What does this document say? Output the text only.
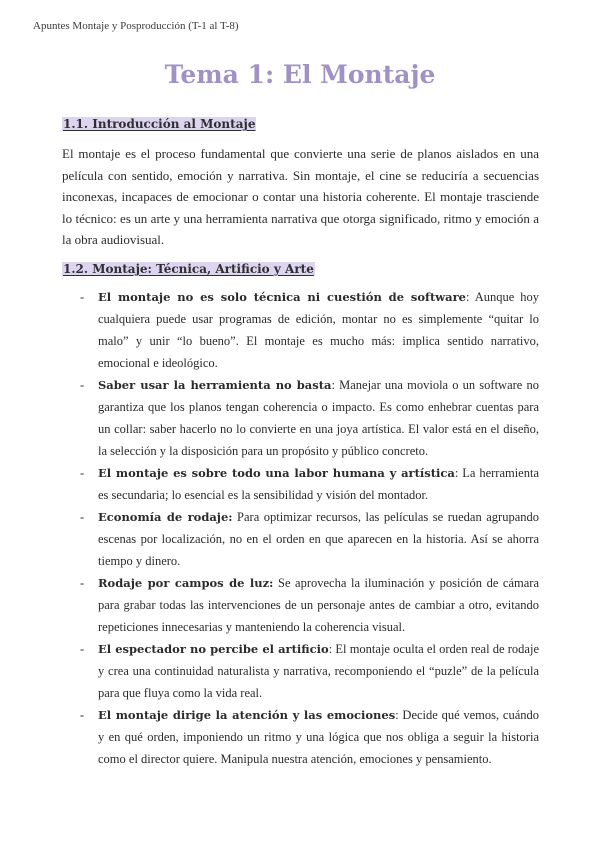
Apuntes Montaje y Posproducción (T-1 al T-8)
Tema 1: El Montaje
1.1. Introducción al Montaje

El montaje es el proceso fundamental que convierte una serie de planos aislados en una película con sentido, emoción y narrativa. Sin montaje, el cine se reduciría a secuencias inconexas, incapaces de emocionar o contar una historia coherente. El montaje trasciende lo técnico: es un arte y una herramienta narrativa que otorga significado, ritmo y emoción a la obra audiovisual.

1.2. Montaje: Técnica, Artificio y Arte
- El montaje no es solo técnica ni cuestión de software: Aunque hoy cualquiera puede usar programas de edición, montar no es simplemente “quitar lo malo” y unir “lo bueno”. El montaje es mucho más: implica sentido narrativo, emocional e ideológico.
- Saber usar la herramienta no basta: Manejar una moviola o un software no garantiza que los planos tengan coherencia o impacto. Es como enhebrar cuentas para un collar: saber hacerlo no lo convierte en una joya artística. El valor está en el diseño, la selección y la disposición para un propósito y público concreto.
- El montaje es sobre todo una labor humana y artística: La herramienta es secundaria; lo esencial es la sensibilidad y visión del montador.
- Economía de rodaje: Para optimizar recursos, las películas se ruedan agrupando escenas por localización, no en el orden en que aparecen en la historia. Así se ahorra tiempo y dinero.
- Rodaje por campos de luz: Se aprovecha la iluminación y posición de cámara para grabar todas las intervenciones de un personaje antes de cambiar a otro, evitando repeticiones innecesarias y manteniendo la coherencia visual.
- El espectador no percibe el artificio: El montaje oculta el orden real de rodaje y crea una continuidad naturalista y narrativa, recomponiendo el “puzle” de la película para que fluya como la vida real.
- El montaje dirige la atención y las emociones: Decide qué vemos, cuándo y en qué orden, imponiendo un ritmo y una lógica que nos obliga a seguir la historia como el director quiere. Manipula nuestra atención, emociones y pensamiento.
